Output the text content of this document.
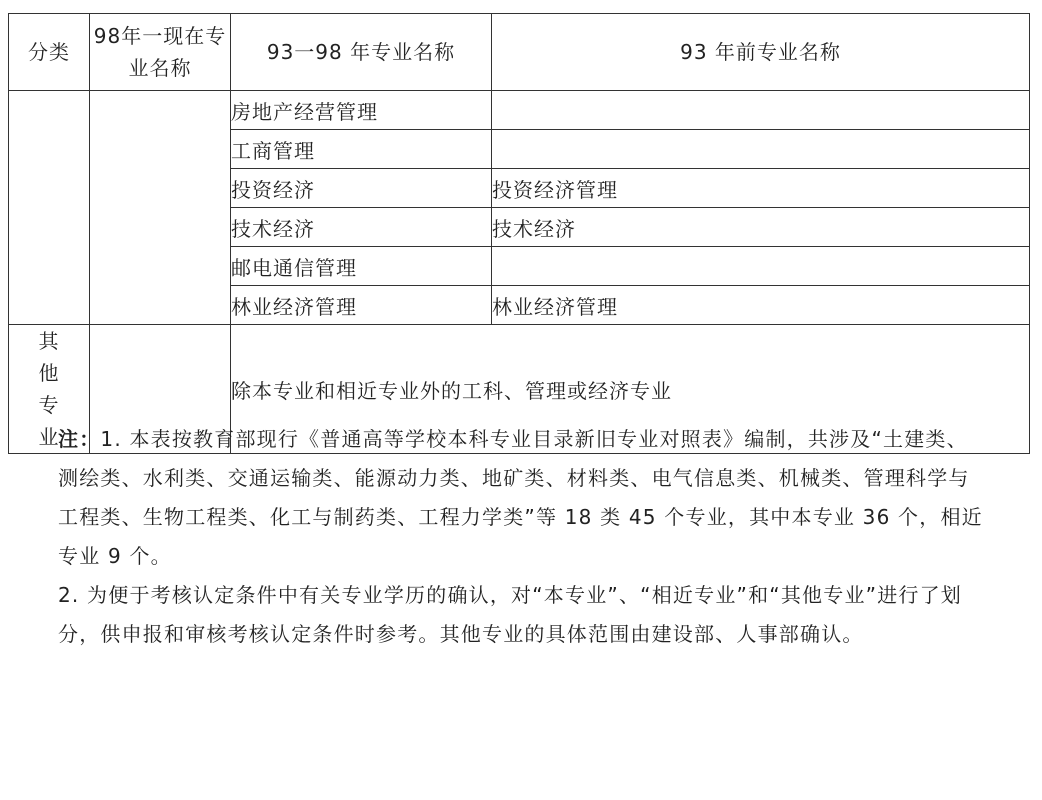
分类	98年一现在专业名称	93一98 年专业名称	93 年前专业名称
		房地产经营管理	
		工商管理	
		投资经济	投资经济管理
		技术经济	技术经济
		邮电通信管理	
		林业经济管理	林业经济管理

其他专业		除本专业和相近专业外的工科、管理或经济专业	

注：1. 本表按教育部现行《普通高等学校本科专业目录新旧专业对照表》编制，共涉及“土建类、测绘类、水利类、交通运输类、能源动力类、地矿类、材料类、电气信息类、机械类、管理科学与工程类、生物工程类、化工与制药类、工程力学类”等 18 类 45 个专业，其中本专业 36 个，相近专业 9 个。

2. 为便于考核认定条件中有关专业学历的确认，对“本专业”、“相近专业”和“其他专业”进行了划分，供申报和审核考核认定条件时参考。其他专业的具体范围由建设部、人事部确认。
